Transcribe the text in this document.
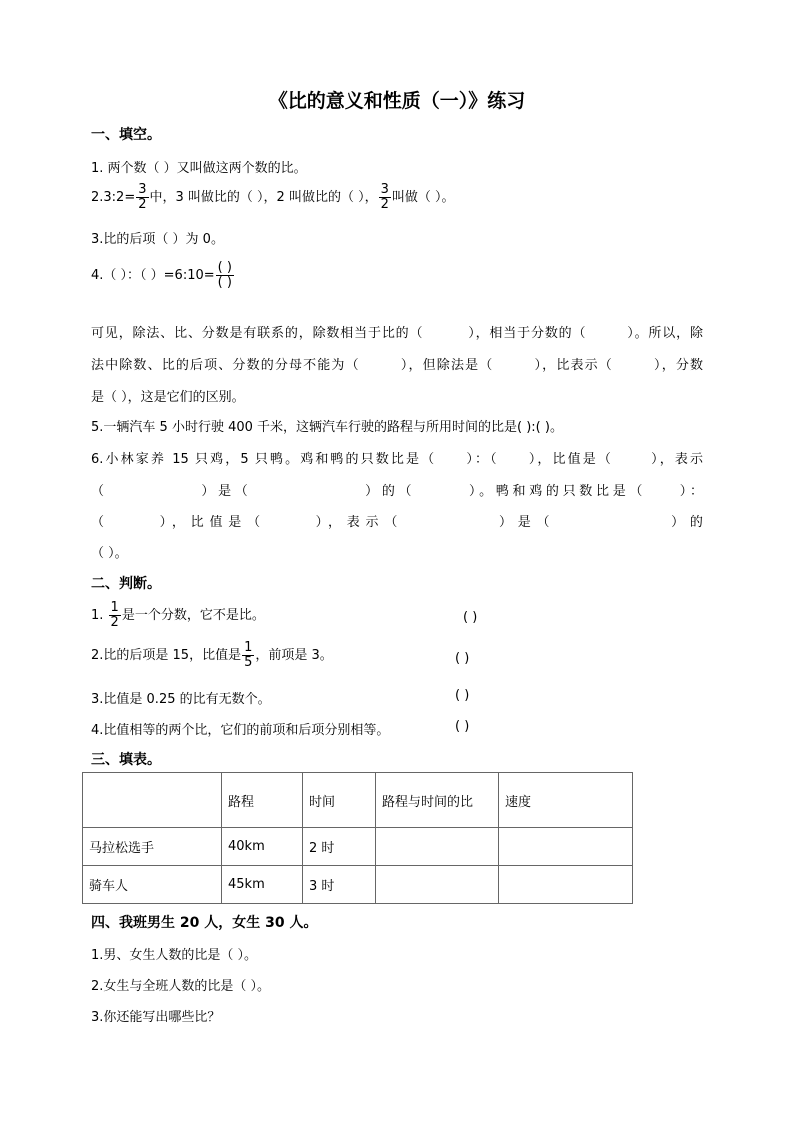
《比的意义和性质（一）》练习
一、填空。
1. 两个数（ ）又叫做这两个数的比。
2.3:2= $\frac{3}{2}$ 中，3 叫做比的（ ），2 叫做比的（ ）， $\frac{3}{2}$ 叫做（ ）。
3.比的后项（ ）为 0。
4.（ ）：（ ）=6:10= $\frac{( )}{( )}$
可见，除法、比、分数是有联系的，除数相当于比的（	），相当于分数的（	）。所以，除
法中除数、比的后项、分数的分母不能为（	），但除法是（	），比表示（	），分数
是（ ），这是它们的区别。
5.一辆汽车 5 小时行驶 400 千米，这辆汽车行驶的路程与所用时间的比是( ):( )。
6.小林家养 15 只鸡，5 只鸭。鸡和鸭的只数比是（ ）：（ ），比值是（	），表示
（	）是（	）的（	）。鸭和鸡的只数比是（ ）：
（	），比值是（	），表示（	）是（	）的
（ ）。
二、判断。
1. $\frac{1}{2}$ 是一个分数，它不是比。	( )
2.比的后项是 15，比值是 $\frac{1}{5}$ ，前项是 3。	( )
3.比值是 0.25 的比有无数个。	( )
4.比值相等的两个比，它们的前项和后项分别相等。	( )
三、填表。
	路程	时间	路程与时间的比	速度
马拉松选手	40km	2 时		
骑车人	45km	3 时		
四、我班男生 20 人，女生 30 人。
1.男、女生人数的比是（ ）。
2.女生与全班人数的比是（ ）。
3.你还能写出哪些比？
